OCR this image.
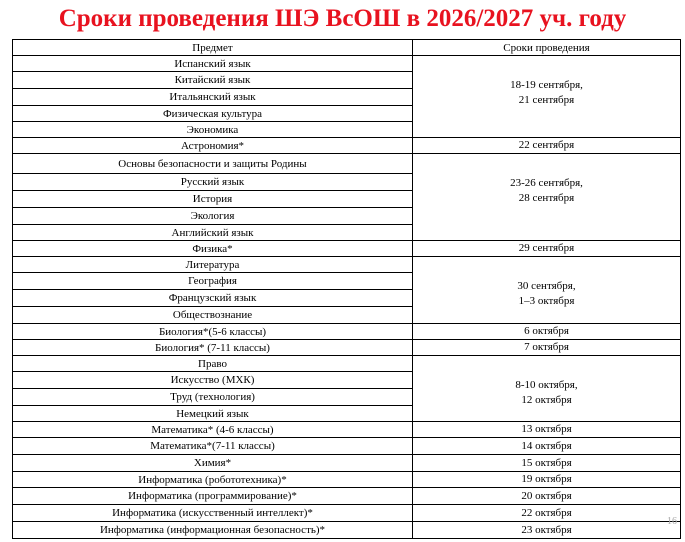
Сроки проведения ШЭ ВсОШ в 2026/2027 уч. году
Предмет	Сроки проведения
Испанский язык	18-19 сентября,
21 сентября
Китайский язык	
Итальянский язык	
Физическая культура	
Экономика	
Астрономия*	22 сентября
Основы безопасности и защиты Родины	23-26 сентября,
28 сентября
Русский язык	
История	
Экология	
Английский язык	
Физика*	29 сентября
Литература	30 сентября,
1–3 октября
География	
Французский язык	
Обществознание	
Биология*(5-6 классы)	6 октября
Биология* (7-11 классы)	7 октября
Право	8-10 октября,
12 октября
Искусство (МХК)	
Труд (технология)	
Немецкий язык	
Математика* (4-6 классы)	13 октября
Математика*(7-11 классы)	14 октября
Химия*	15 октября
Информатика (робототехника)*	19 октября
Информатика (программирование)*	20 октября
Информатика (искусственный интеллект)*	22 октября
Информатика (информационная безопасность)*	23 октября
16
